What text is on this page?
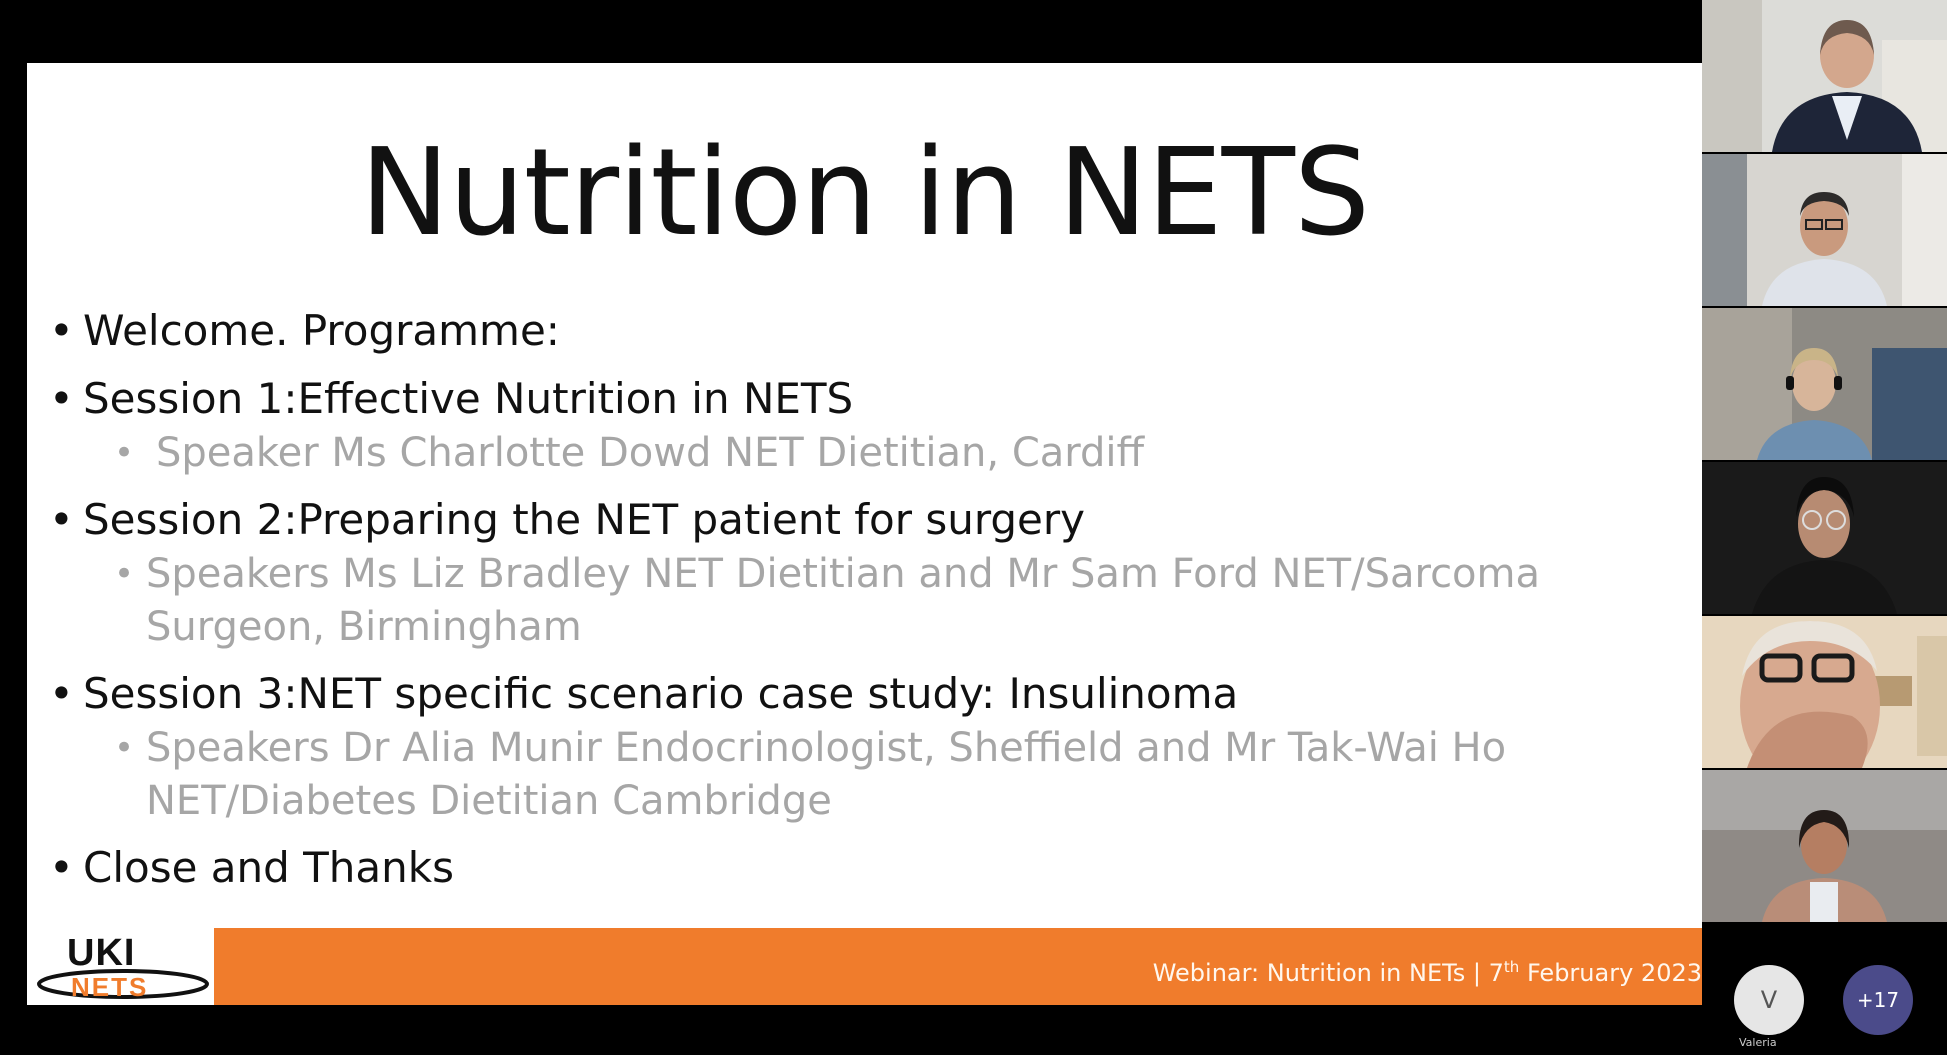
Nutrition in NETS
• Welcome. Programme:
• Session 1:Effective Nutrition in NETS
• Speaker Ms Charlotte Dowd NET Dietitian, Cardiff
• Session 2:Preparing the NET patient for surgery
• Speakers Ms Liz Bradley NET Dietitian and Mr Sam Ford NET/Sarcoma
Surgeon, Birmingham
• Session 3:NET specific scenario case study: Insulinoma
• Speakers Dr Alia Munir Endocrinologist, Sheffield and Mr Tak-Wai Ho
NET/Diabetes Dietitian Cambridge
• Close and Thanks
UKI
NETS	Webinar: Nutrition in NETs | 7th February 2023
V	+17
Valeria
